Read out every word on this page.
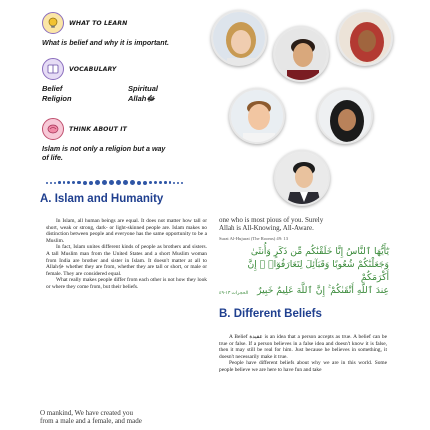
WHAT TO LEARN
What is belief and why it is important.
VOCABULARY
Belief
Religion
Spiritual
Allahﷻ
THINK ABOUT IT
Islam is not only a religion but a way
of life.
A. Islam and Humanity

In Islam, all human beings are equal. It does not matter how tall or short, weak or strong, dark- or light-skinned people are. Islam makes no distinction between people and everyone has the same opportunity to be a Muslim.

In fact, Islam unites different kinds of people as brothers and sisters. A tall Muslim man from the United States and a short Muslim woman from India are brother and sister in Islam. It doesn't matter at all to Allahﷻ whether they are from, whether they are tall or short, or male or female. They are considered equal.

What really makes people differ from each other is not how they look or where they come from, but their beliefs.

O mankind, We have created you
from a male and a female, and made
one who is most pious of you. Surely
Allah is All-Knowing, All-Aware.
Surat Al-Hujurat (The Rooms) 49: 13
يَٰٓأَيُّهَا ٱلنَّاسُ إِنَّا خَلَقْنَٰكُم مِّن ذَكَرٍ وَأُنثَىٰ
وَجَعَلْنَٰكُمْ شُعُوبًا وَقَبَآئِلَ لِتَعَارَفُوٓا۟ ۚ إِنَّ أَكْرَمَكُمْ
عِندَ ٱللَّهِ أَتْقَىٰكُمْ ۚ إِنَّ ٱللَّهَ عَلِيمٌ خَبِيرٌ
الحجرات ١٣-٤٩
B. Different Beliefs

A Belief عقيدة is an idea that a person accepts as true. A belief can be true or false. If a person believes in a false idea and doesn't know it is false, then it may still be real for him. Just because he believes in something, it doesn't necessarily make it true.

People have different beliefs about why we are in this world. Some people believe we are here to have fun and take
